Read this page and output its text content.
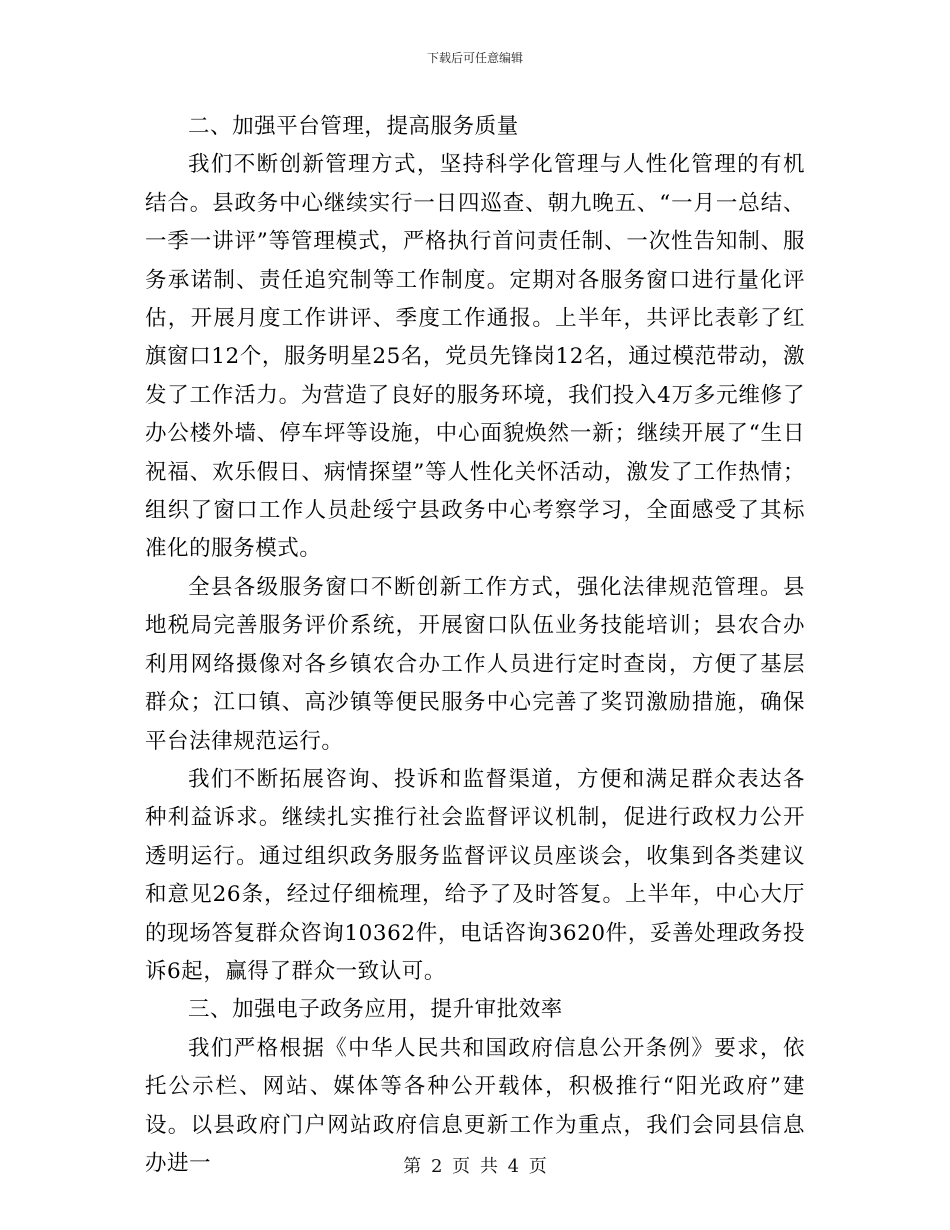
下载后可任意编辑

二、加强平台管理，提高服务质量

我们不断创新管理方式，坚持科学化管理与人性化管理的有机结合。县政务中心继续实行一日四巡查、朝九晚五、“一月一总结、一季一讲评”等管理模式，严格执行首问责任制、一次性告知制、服务承诺制、责任追究制等工作制度。定期对各服务窗口进行量化评估，开展月度工作讲评、季度工作通报。上半年，共评比表彰了红旗窗口12个，服务明星25名，党员先锋岗12名，通过模范带动，激发了工作活力。为营造了良好的服务环境，我们投入4万多元维修了办公楼外墙、停车坪等设施，中心面貌焕然一新；继续开展了“生日祝福、欢乐假日、病情探望”等人性化关怀活动，激发了工作热情；组织了窗口工作人员赴绥宁县政务中心考察学习，全面感受了其标准化的服务模式。

全县各级服务窗口不断创新工作方式，强化法律规范管理。县地税局完善服务评价系统，开展窗口队伍业务技能培训；县农合办利用网络摄像对各乡镇农合办工作人员进行定时查岗，方便了基层群众；江口镇、高沙镇等便民服务中心完善了奖罚激励措施，确保平台法律规范运行。

我们不断拓展咨询、投诉和监督渠道，方便和满足群众表达各种利益诉求。继续扎实推行社会监督评议机制，促进行政权力公开透明运行。通过组织政务服务监督评议员座谈会，收集到各类建议和意见26条，经过仔细梳理，给予了及时答复。上半年，中心大厅的现场答复群众咨询10362件，电话咨询3620件，妥善处理政务投诉6起，赢得了群众一致认可。

三、加强电子政务应用，提升审批效率

我们严格根据《中华人民共和国政府信息公开条例》要求，依托公示栏、网站、媒体等各种公开载体，积极推行“阳光政府”建设。以县政府门户网站政府信息更新工作为重点，我们会同县信息办进一	第 2 页 共 4 页
